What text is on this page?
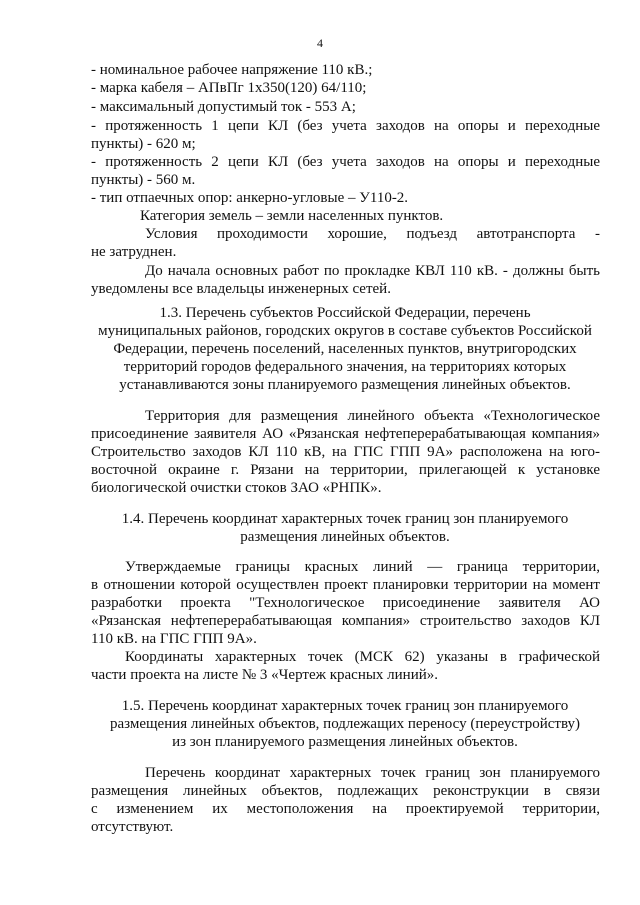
4
- номинальное рабочее напряжение 110 кВ.;
- марка кабеля – АПвПг 1х350(120) 64/110;
- максимальный допустимый ток - 553 А;
- протяженность 1 цепи КЛ (без учета заходов на опоры и переходные
пункты) - 620 м;
- протяженность 2 цепи КЛ (без учета заходов на опоры и переходные
пункты) - 560 м.
- тип отпаечных опор: анкерно-угловые – У110-2.
Категория земель – земли населенных пунктов.
Условия проходимости хорошие, подъезд автотранспорта -
не затруднен.
До начала основных работ по прокладке КВЛ 110 кВ. - должны быть
уведомлены все владельцы инженерных сетей.
1.3. Перечень субъектов Российской Федерации, перечень
муниципальных районов, городских округов в составе субъектов Российской
Федерации, перечень поселений, населенных пунктов, внутригородских
территорий городов федерального значения, на территориях которых
устанавливаются зоны планируемого размещения линейных объектов.
Территория для размещения линейного объекта «Технологическое
присоединение заявителя АО «Рязанская нефтеперерабатывающая компания»
Строительство заходов КЛ 110 кВ, на ГПС ГПП 9А» расположена на юго-
восточной окраине г. Рязани на территории, прилегающей к установке
биологической очистки стоков ЗАО «РНПК».
1.4. Перечень координат характерных точек границ зон планируемого
размещения линейных объектов.
Утверждаемые границы красных линий — граница территории,
в отношении которой осуществлен проект планировки территории на момент
разработки проекта "Технологическое присоединение заявителя АО
«Рязанская нефтеперерабатывающая компания» строительство заходов КЛ
110 кВ. на ГПС ГПП 9А».
Координаты характерных точек (МСК 62) указаны в графической
части проекта на листе № 3 «Чертеж красных линий».
1.5. Перечень координат характерных точек границ зон планируемого
размещения линейных объектов, подлежащих переносу (переустройству)
из зон планируемого размещения линейных объектов.
Перечень координат характерных точек границ зон планируемого
размещения линейных объектов, подлежащих реконструкции в связи
с изменением их местоположения на проектируемой территории,
отсутствуют.
